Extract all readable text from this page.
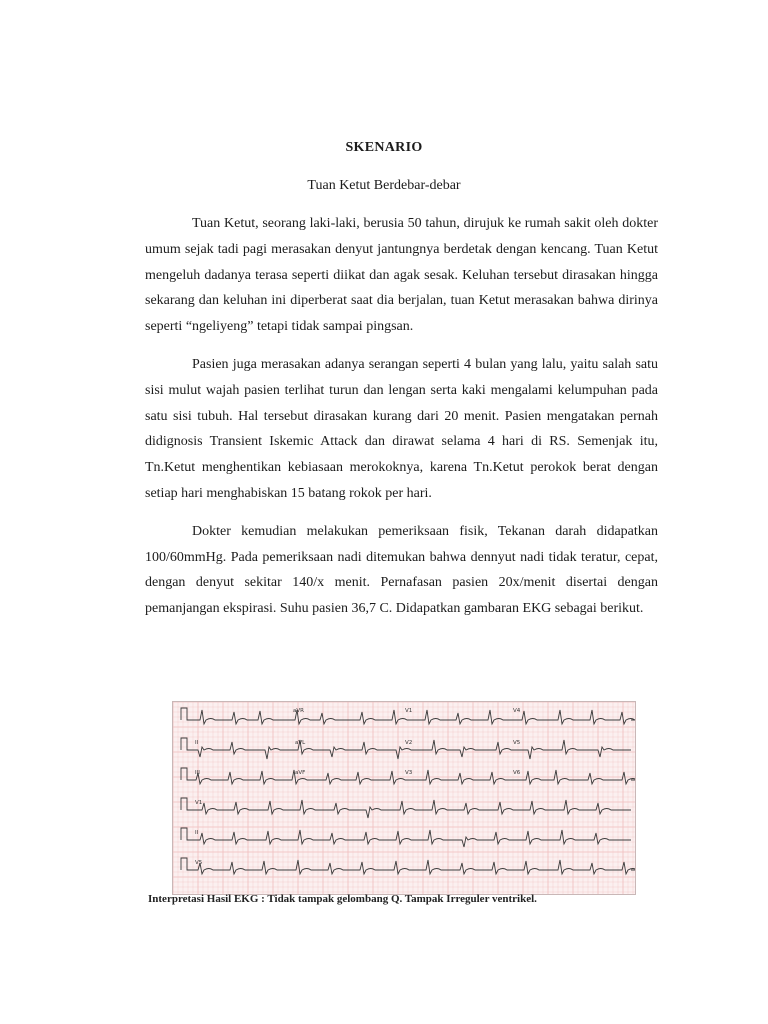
SKENARIO
Tuan Ketut Berdebar-debar

Tuan Ketut, seorang laki-laki, berusia 50 tahun, dirujuk ke rumah sakit oleh dokter umum sejak tadi pagi merasakan denyut jantungnya berdetak dengan kencang. Tuan Ketut mengeluh dadanya terasa seperti diikat dan agak sesak. Keluhan tersebut dirasakan hingga sekarang dan keluhan ini diperberat saat dia berjalan, tuan Ketut merasakan bahwa dirinya seperti “ngeliyeng” tetapi tidak sampai pingsan.

Pasien juga merasakan adanya serangan seperti 4 bulan yang lalu, yaitu salah satu sisi mulut wajah pasien terlihat turun dan lengan serta kaki mengalami kelumpuhan pada satu sisi tubuh. Hal tersebut dirasakan kurang dari 20 menit. Pasien mengatakan pernah didignosis Transient Iskemic Attack dan dirawat selama 4 hari di RS. Semenjak itu, Tn.Ketut menghentikan kebiasaan merokoknya, karena Tn.Ketut perokok berat dengan setiap hari menghabiskan 15 batang rokok per hari.

Dokter kemudian melakukan pemeriksaan fisik, Tekanan darah didapatkan 100/60mmHg. Pada pemeriksaan nadi ditemukan bahwa dennyut nadi tidak teratur, cepat, dengan denyut sekitar 140/x menit. Pernafasan pasien 20x/menit disertai dengan pemanjangan ekspirasi. Suhu pasien 36,7 C. Didapatkan gambaran EKG sebagai berikut.

aVR	V1	V4
II	aVL	V2	V5
III	aVF	V3	V6
V1
II
V5
Interpretasi Hasil EKG : Tidak tampak gelombang Q. Tampak Irreguler ventrikel.
